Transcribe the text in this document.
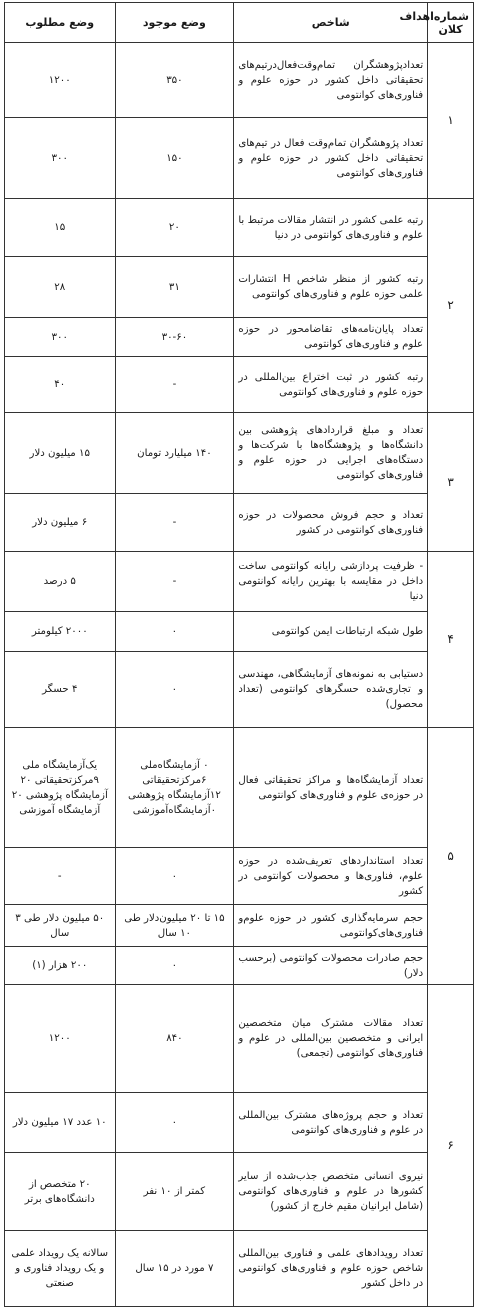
شماره‌اهداف کلان	شاخص	وضع موجود	وضع مطلوب
۱	تعدادپژوهشگران تمام‌وقت‌فعال‌درتیم‌های تحقیقاتی داخل کشور در حوزه علوم و فناوری‌های کوانتومی	۳۵۰	۱۲۰۰
	تعداد پژوهشگران تمام‌وقت فعال در تیم‌های تحقیقاتی داخل کشور در حوزه علوم و فناوری‌های کوانتومی	۱۵۰	۳۰۰
۲	رتبه علمی کشور در انتشار مقالات مرتبط با علوم و فناوری‌های کوانتومی در دنیا	۲۰	۱۵
	رتبه کشور از منظر شاخص H انتشارات علمی حوزه علوم و فناوری‌های کوانتومی	۳۱	۲۸
	تعداد پایان‌نامه‌های تقاضامحور در حوزه علوم و فناوری‌های کوانتومی	۳۰-۶۰	۳۰۰
	رتبه کشور در ثبت اختراع بین‌المللی در حوزه علوم و فناوری‌های کوانتومی	-	۴۰
۳	تعداد و مبلغ قراردادهای پژوهشی بین دانشگاه‌ها و پژوهشگاه‌ها با شرکت‌ها و دستگاه‌های اجرایی در حوزه علوم و فناوری‌های کوانتومی	۱۴۰ میلیارد تومان	۱۵ میلیون دلار
	تعداد و حجم فروش محصولات در حوزه فناوری‌های کوانتومی در کشور	-	۶ میلیون دلار
۴	- ظرفیت پردازشی رایانه کوانتومی ساخت داخل در مقایسه با بهترین رایانه کوانتومی دنیا	-	۵ درصد
	طول شبکه ارتباطات ایمن کوانتومی	۰	۲۰۰۰ کیلومتر
	دستیابی به نمونه‌های آزمایشگاهی، مهندسی و تجاری‌شده حسگرهای کوانتومی (تعداد محصول)	۰	۴ حسگر
۵	تعداد آزمایشگاه‌ها و مراکز تحقیقاتی فعال در حوزه‌ی علوم و فناوری‌های کوانتومی	۰ آزمایشگاه‌ملی ۶مرکزتحقیقاتی ۱۲آزمایشگاه پژوهشی ۰آزمایشگاه‌آموزشی	یک‌آزمایشگاه ملی ۹مرکزتحقیقاتی ۲۰ آزمایشگاه پژوهشی ۲۰ آزمایشگاه آموزشی
	تعداد استانداردهای تعریف‌شده در حوزه علوم، فناوری‌ها و محصولات کوانتومی در کشور	۰	-
	حجم سرمایه‌گذاری کشور در حوزه علوم‌و فناوری‌های‌کوانتومی	۱۵ تا ۲۰ میلیون‌دلار طی ۱۰ سال	۵۰ میلیون دلار طی ۳ سال
	حجم صادرات محصولات کوانتومی (برحسب دلار)	۰	۲۰۰ هزار (۱)
۶	تعداد مقالات مشترک میان متخصصین ایرانی و متخصصین بین‌المللی در علوم و فناوری‌های کوانتومی (تجمعی)	۸۴۰	۱۲۰۰
	تعداد و حجم پروژه‌های مشترک بین‌المللی در علوم و فناوری‌های کوانتومی	۰	۱۰ عدد ۱۷ میلیون دلار
	نیروی انسانی متخصص جذب‌شده از سایر کشورها در علوم و فناوری‌های کوانتومی (شامل ایرانیان مقیم خارج از کشور)	کمتر از ۱۰ نفر	۲۰ متخصص از دانشگاه‌های برتر
	تعداد رویدادهای علمی و فناوری بین‌المللی شاخص حوزه علوم و فناوری‌های کوانتومی در داخل کشور	۷ مورد در ۱۵ سال	سالانه یک رویداد علمی و یک رویداد فناوری و صنعتی
